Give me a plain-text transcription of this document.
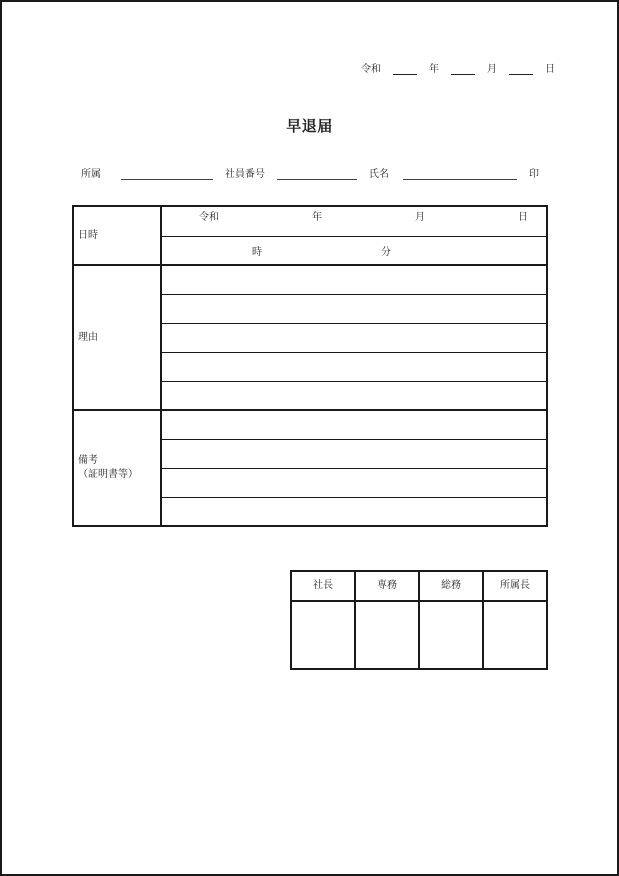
令和	年	月	日
早退届
所属	社員番号	氏名	印
日時	令和 年 月 日

	時 分

理由	

備考
（証明書等）	

社長	専務	総務	所属長
